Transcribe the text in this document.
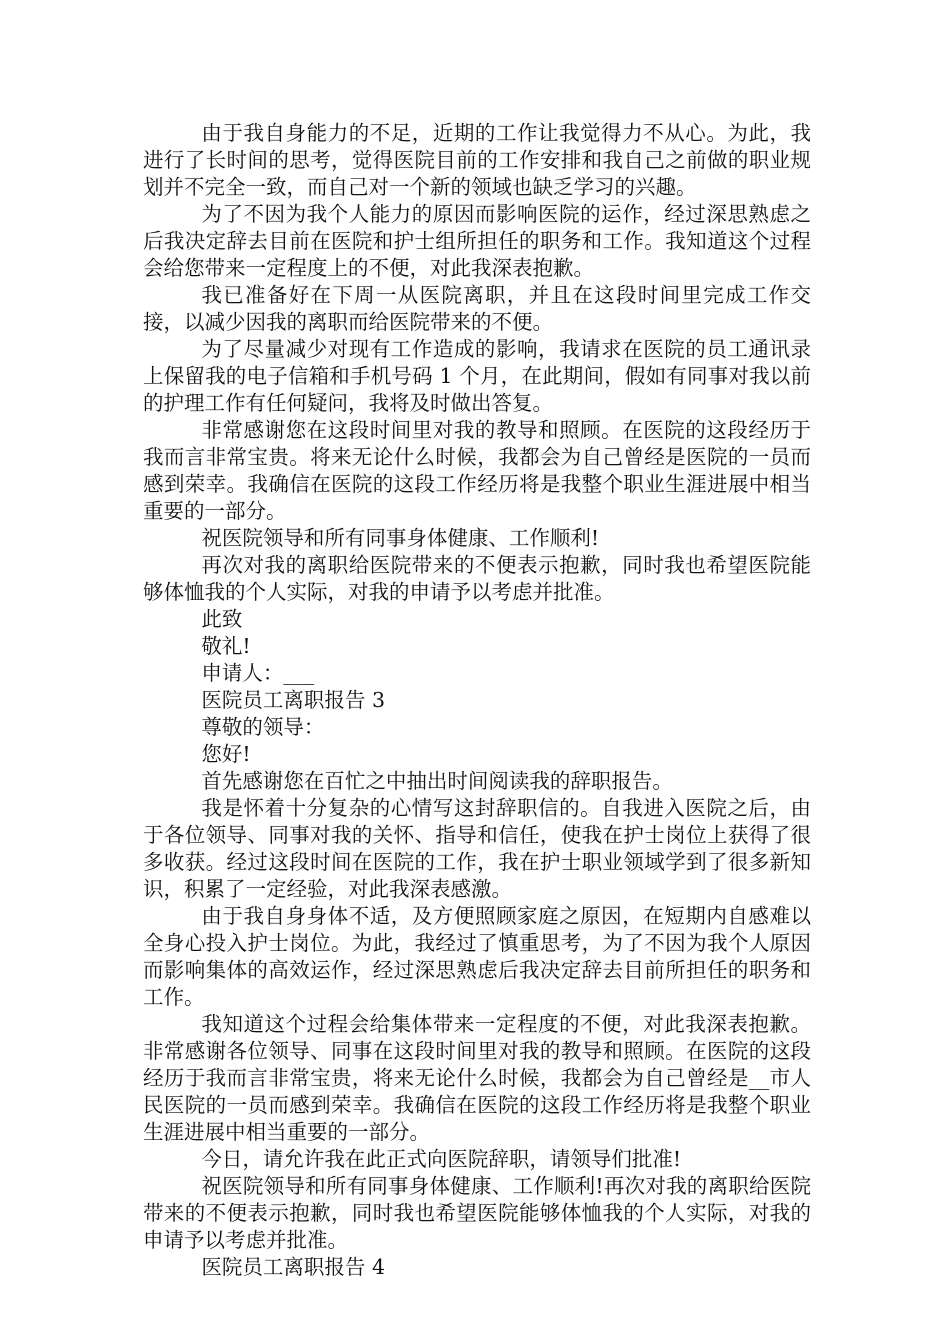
由于我自身能力的不足，近期的工作让我觉得力不从心。为此，我进行了长时间的思考，觉得医院目前的工作安排和我自己之前做的职业规划并不完全一致，而自己对一个新的领域也缺乏学习的兴趣。

为了不因为我个人能力的原因而影响医院的运作，经过深思熟虑之后我决定辞去目前在医院和护士组所担任的职务和工作。我知道这个过程会给您带来一定程度上的不便，对此我深表抱歉。

我已准备好在下周一从医院离职，并且在这段时间里完成工作交接，以减少因我的离职而给医院带来的不便。

为了尽量减少对现有工作造成的影响，我请求在医院的员工通讯录上保留我的电子信箱和手机号码 1 个月，在此期间，假如有同事对我以前的护理工作有任何疑问，我将及时做出答复。

非常感谢您在这段时间里对我的教导和照顾。在医院的这段经历于我而言非常宝贵。将来无论什么时候，我都会为自己曾经是医院的一员而感到荣幸。我确信在医院的这段工作经历将是我整个职业生涯进展中相当重要的一部分。

祝医院领导和所有同事身体健康、工作顺利!

再次对我的离职给医院带来的不便表示抱歉，同时我也希望医院能够体恤我的个人实际，对我的申请予以考虑并批准。

此致

敬礼!

申请人：___

医院员工离职报告 3

尊敬的领导：

您好!

首先感谢您在百忙之中抽出时间阅读我的辞职报告。

我是怀着十分复杂的心情写这封辞职信的。自我进入医院之后，由于各位领导、同事对我的关怀、指导和信任，使我在护士岗位上获得了很多收获。经过这段时间在医院的工作，我在护士职业领域学到了很多新知识，积累了一定经验，对此我深表感激。

由于我自身身体不适，及方便照顾家庭之原因，在短期内自感难以全身心投入护士岗位。为此，我经过了慎重思考，为了不因为我个人原因而影响集体的高效运作，经过深思熟虑后我决定辞去目前所担任的职务和工作。

我知道这个过程会给集体带来一定程度的不便，对此我深表抱歉。非常感谢各位领导、同事在这段时间里对我的教导和照顾。在医院的这段经历于我而言非常宝贵，将来无论什么时候，我都会为自己曾经是__市人民医院的一员而感到荣幸。我确信在医院的这段工作经历将是我整个职业生涯进展中相当重要的一部分。

今日，请允许我在此正式向医院辞职，请领导们批准!

祝医院领导和所有同事身体健康、工作顺利!再次对我的离职给医院带来的不便表示抱歉，同时我也希望医院能够体恤我的个人实际，对我的申请予以考虑并批准。

医院员工离职报告 4
